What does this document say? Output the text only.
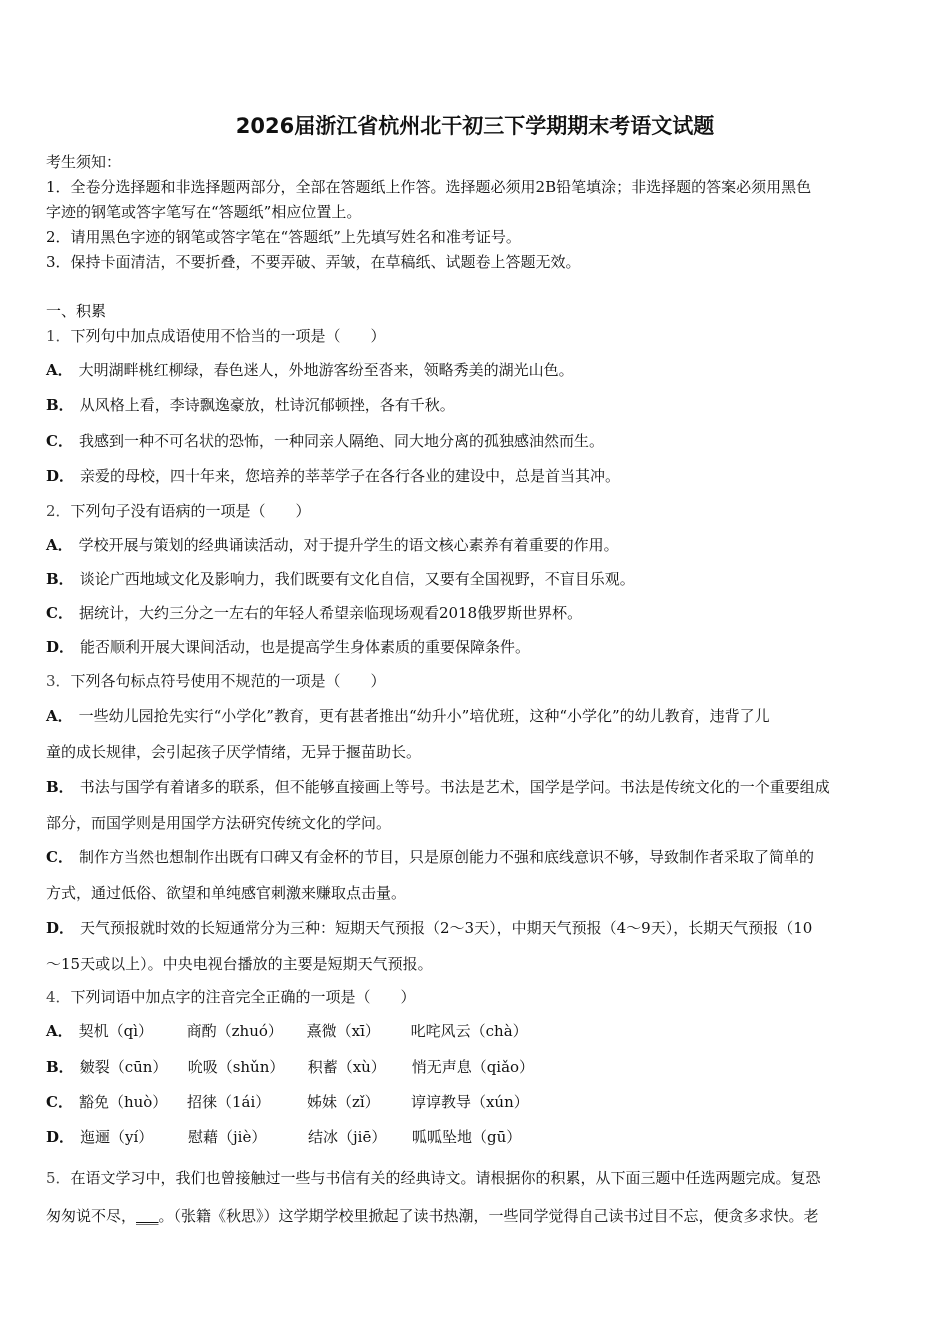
2026届浙江省杭州北干初三下学期期末考语文试题
考生须知：
1．全卷分选择题和非选择题两部分，全部在答题纸上作答。选择题必须用2B铅笔填涂；非选择题的答案必须用黑色
字迹的钢笔或答字笔写在“答题纸”相应位置上。
2．请用黑色字迹的钢笔或答字笔在“答题纸”上先填写姓名和准考证号。
3．保持卡面清洁，不要折叠，不要弄破、弄皱，在草稿纸、试题卷上答题无效。
一、积累
1．下列句中加点成语使用不恰当的一项是（　　）
A． 大明湖畔桃红柳绿，春色迷人，外地游客纷至沓来，领略秀美的湖光山色。
B． 从风格上看，李诗飘逸豪放，杜诗沉郁顿挫，各有千秋。
C． 我感到一种不可名状的恐怖，一种同亲人隔绝、同大地分离的孤独感油然而生。
D． 亲爱的母校，四十年来，您培养的莘莘学子在各行各业的建设中，总是首当其冲。
2．下列句子没有语病的一项是（　　）
A． 学校开展与策划的经典诵读活动，对于提升学生的语文核心素养有着重要的作用。
B． 谈论广西地域文化及影响力，我们既要有文化自信，又要有全国视野，不盲目乐观。
C． 据统计，大约三分之一左右的年轻人希望亲临现场观看2018俄罗斯世界杯。
D． 能否顺利开展大课间活动，也是提高学生身体素质的重要保障条件。
3．下列各句标点符号使用不规范的一项是（　　）
A． 一些幼儿园抢先实行“小学化”教育，更有甚者推出“幼升小”培优班，这种“小学化”的幼儿教育，违背了儿
童的成长规律，会引起孩子厌学情绪，无异于揠苗助长。
B． 书法与国学有着诸多的联系，但不能够直接画上等号。书法是艺术，国学是学问。书法是传统文化的一个重要组成
部分，而国学则是用国学方法研究传统文化的学问。
C． 制作方当然也想制作出既有口碑又有金杯的节目，只是原创能力不强和底线意识不够，导致制作者采取了简单的
方式，通过低俗、欲望和单纯感官刺激来赚取点击量。
D． 天气预报就时效的长短通常分为三种：短期天气预报（2～3天），中期天气预报（4～9天），长期天气预报（10
～15天或以上）。中央电视台播放的主要是短期天气预报。
4．下列词语中加点字的注音完全正确的一项是（　　）
A． 契机（qì） 商酌（zhuó） 熹微（xī） 叱咤风云（chà）
B． 皴裂（cūn） 吮吸（shǔn） 积蓄（xù） 悄无声息（qiǎo）
C． 豁免（huò） 招徕（1ái） 姊妹（zǐ） 谆谆教导（xún）
D． 迤逦（yí） 慰藉（jiè）	结冰（jiē） 呱呱坠地（gū）
5．在语文学习中，我们也曾接触过一些与书信有关的经典诗文。请根据你的积累，从下面三题中任选两题完成。复恐
匆匆说不尽，___。（张籍《秋思》）这学期学校里掀起了读书热潮，一些同学觉得自己读书过目不忘，便贪多求快。老
